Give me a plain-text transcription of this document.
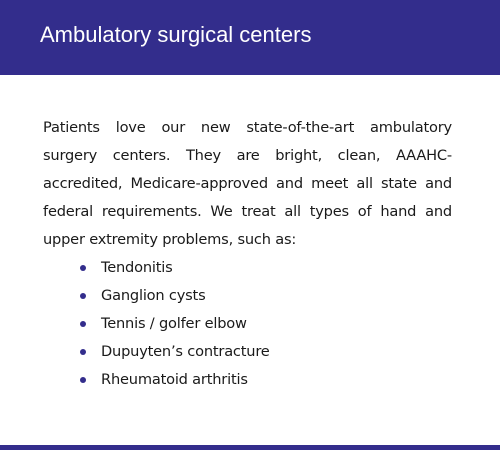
Ambulatory surgical centers

Patients love our new state-of-the-art ambulatory surgery centers. They are bright, clean, AAAHC-accredited, Medicare-approved and meet all state and federal requirements. We treat all types of hand and upper extremity problems, such as:

Tendonitis
Ganglion cysts
Tennis / golfer elbow
Dupuyten’s contracture
Rheumatoid arthritis
